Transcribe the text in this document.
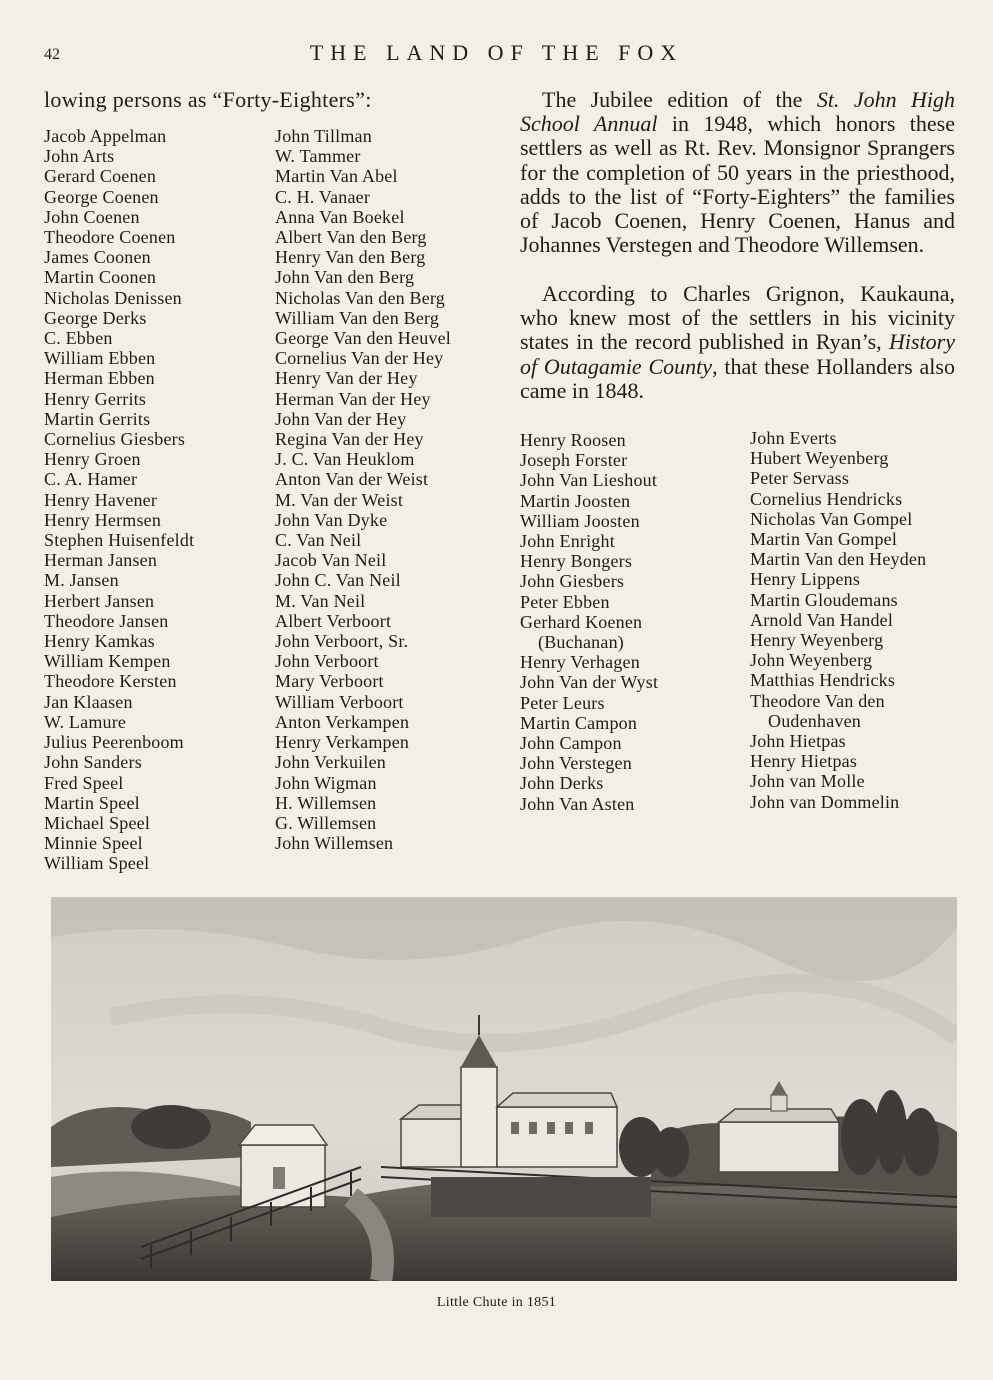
42	THE LAND OF THE FOX
lowing persons as “Forty-Eighters”:
Jacob Appelman
John Arts
Gerard Coenen
George Coenen
John Coenen
Theodore Coenen
James Coonen
Martin Coonen
Nicholas Denissen
George Derks
C. Ebben
William Ebben
Herman Ebben
Henry Gerrits
Martin Gerrits
Cornelius Giesbers
Henry Groen
C. A. Hamer
Henry Havener
Henry Hermsen
Stephen Huisenfeldt
Herman Jansen
M. Jansen
Herbert Jansen
Theodore Jansen
Henry Kamkas
William Kempen
Theodore Kersten
Jan Klaasen
W. Lamure
Julius Peerenboom
John Sanders
Fred Speel
Martin Speel
Michael Speel
Minnie Speel
William Speel
John Tillman
W. Tammer
Martin Van Abel
C. H. Vanaer
Anna Van Boekel
Albert Van den Berg
Henry Van den Berg
John Van den Berg
Nicholas Van den Berg
William Van den Berg
George Van den Heuvel
Cornelius Van der Hey
Henry Van der Hey
Herman Van der Hey
John Van der Hey
Regina Van der Hey
J. C. Van Heuklom
Anton Van der Weist
M. Van der Weist
John Van Dyke
C. Van Neil
Jacob Van Neil
John C. Van Neil
M. Van Neil
Albert Verboort
John Verboort, Sr.
John Verboort
Mary Verboort
William Verboort
Anton Verkampen
Henry Verkampen
John Verkuilen
John Wigman
H. Willemsen
G. Willemsen
John Willemsen

The Jubilee edition of the St. John High School Annual in 1948, which honors these settlers as well as Rt. Rev. Monsignor Sprangers for the completion of 50 years in the priesthood, adds to the list of “Forty-Eighters” the families of Jacob Coenen, Henry Coenen, Hanus and Johannes Verstegen and Theodore Willemsen.

According to Charles Grignon, Kaukauna, who knew most of the settlers in his vicinity states in the record published in Ryan’s, History of Outagamie County, that these Hollanders also came in 1848.

Henry Roosen
Joseph Forster
John Van Lieshout
Martin Joosten
William Joosten
John Enright
Henry Bongers
John Giesbers
Peter Ebben
Gerhard Koenen
(Buchanan)
Henry Verhagen
John Van der Wyst
Peter Leurs
Martin Campon
John Campon
John Verstegen
John Derks
John Van Asten
John Everts
Hubert Weyenberg
Peter Servass
Cornelius Hendricks
Nicholas Van Gompel
Martin Van Gompel
Martin Van den Heyden
Henry Lippens
Martin Gloudemans
Arnold Van Handel
Henry Weyenberg
John Weyenberg
Matthias Hendricks
Theodore Van den
Oudenhaven
John Hietpas
Henry Hietpas
John van Molle
John van Dommelin
Little Chute in 1851
